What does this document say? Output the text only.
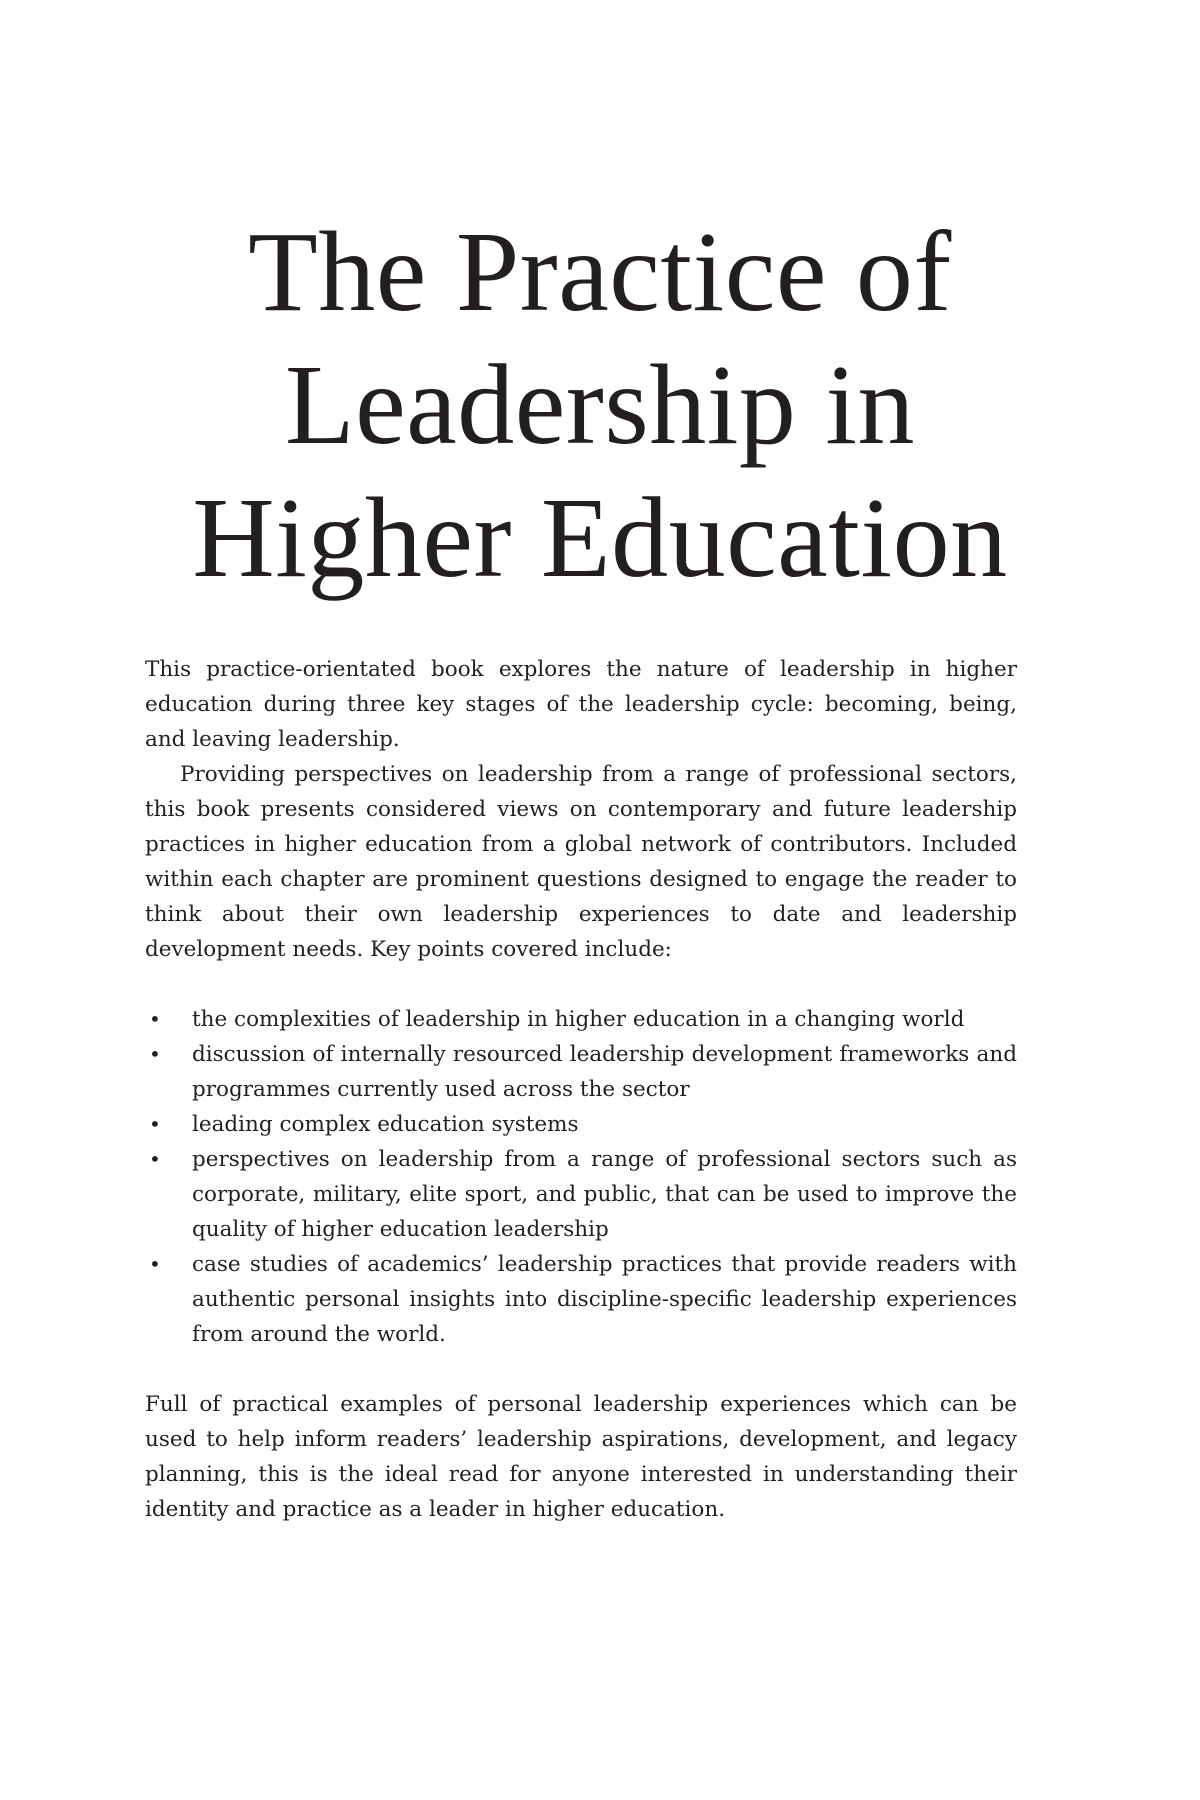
The Practice of
Leadership in
Higher Education

This practice-orientated book explores the nature of leadership in higher education during three key stages of the leadership cycle: becoming, being, and leaving leadership.

Providing perspectives on leadership from a range of professional sectors, this book presents considered views on contemporary and future leadership practices in higher education from a global network of contributors. Included within each chapter are prominent questions designed to engage the reader to think about their own leadership experiences to date and leadership development needs. Key points covered include:

• the complexities of leadership in higher education in a changing world
• discussion of internally resourced leadership development frameworks and programmes currently used across the sector
• leading complex education systems
• perspectives on leadership from a range of professional sectors such as corporate, military, elite sport, and public, that can be used to improve the quality of higher education leadership
• case studies of academics’ leadership practices that provide readers with authentic personal insights into discipline-specific leadership experiences from around the world.

Full of practical examples of personal leadership experiences which can be used to help inform readers’ leadership aspirations, development, and legacy planning, this is the ideal read for anyone interested in understanding their identity and practice as a leader in higher education.
